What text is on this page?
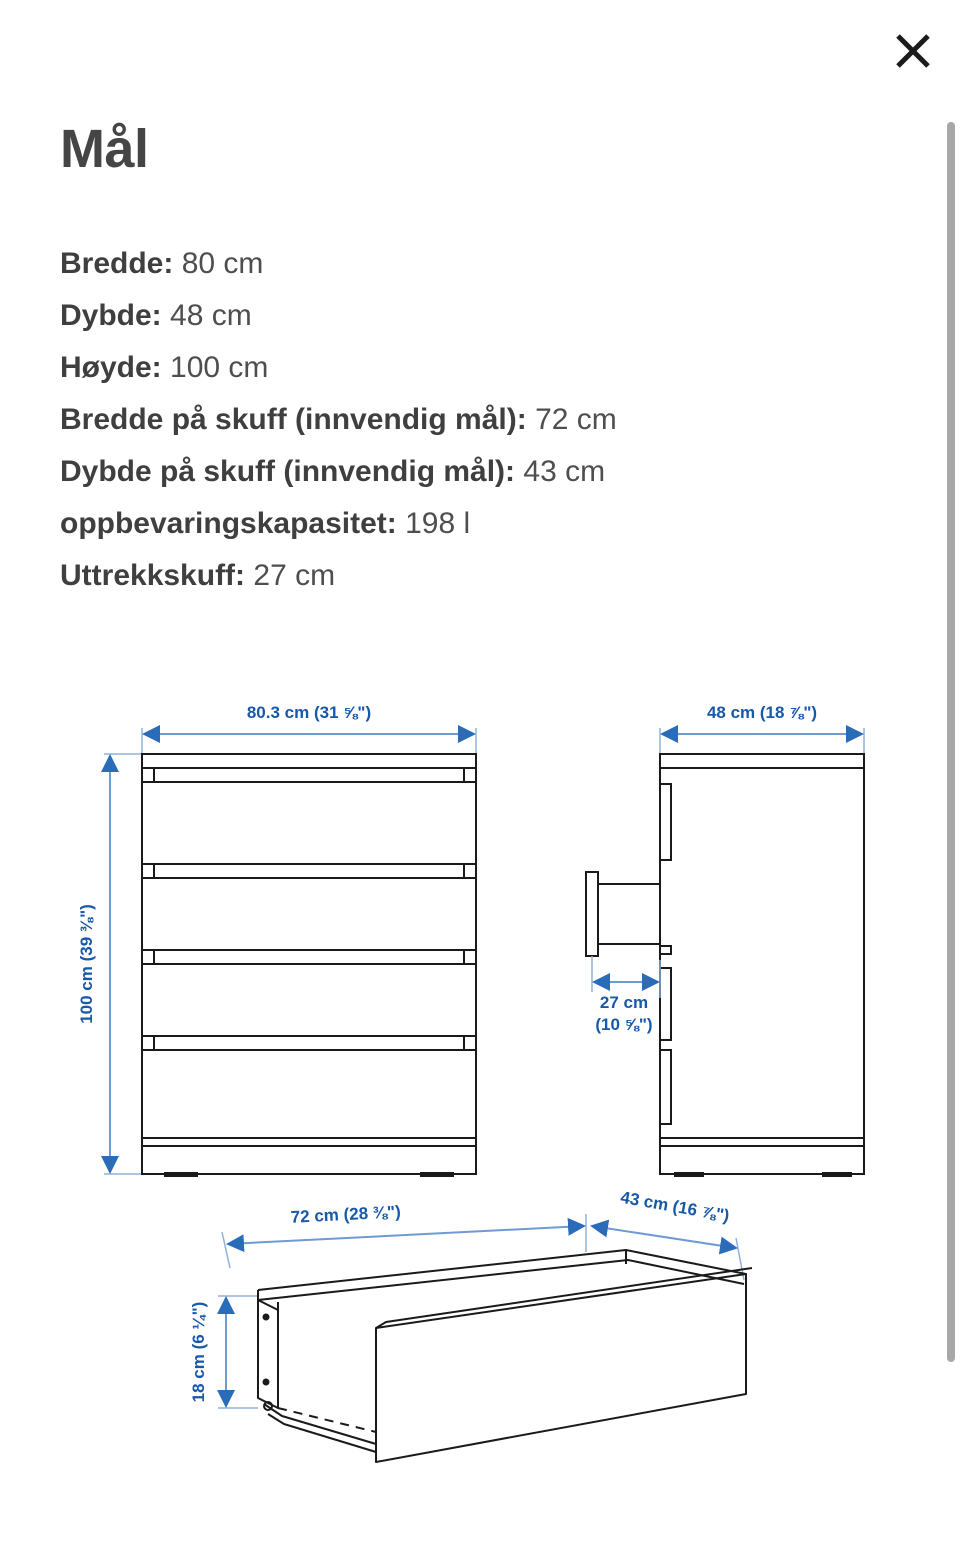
Mål
Bredde: 80 cm
Dybde: 48 cm
Høyde: 100 cm
Bredde på skuff (innvendig mål): 72 cm
Dybde på skuff (innvendig mål): 43 cm
oppbevaringskapasitet: 198 l
Uttrekkskuff: 27 cm
80.3 cm (31 ⅝")
100 cm (39 ⅜")
48 cm (18 ⅞")
27 cm
(10 ⅝")
72 cm (28 ⅜")	43 cm (16 ⅞")
18 cm (6 ¼")
